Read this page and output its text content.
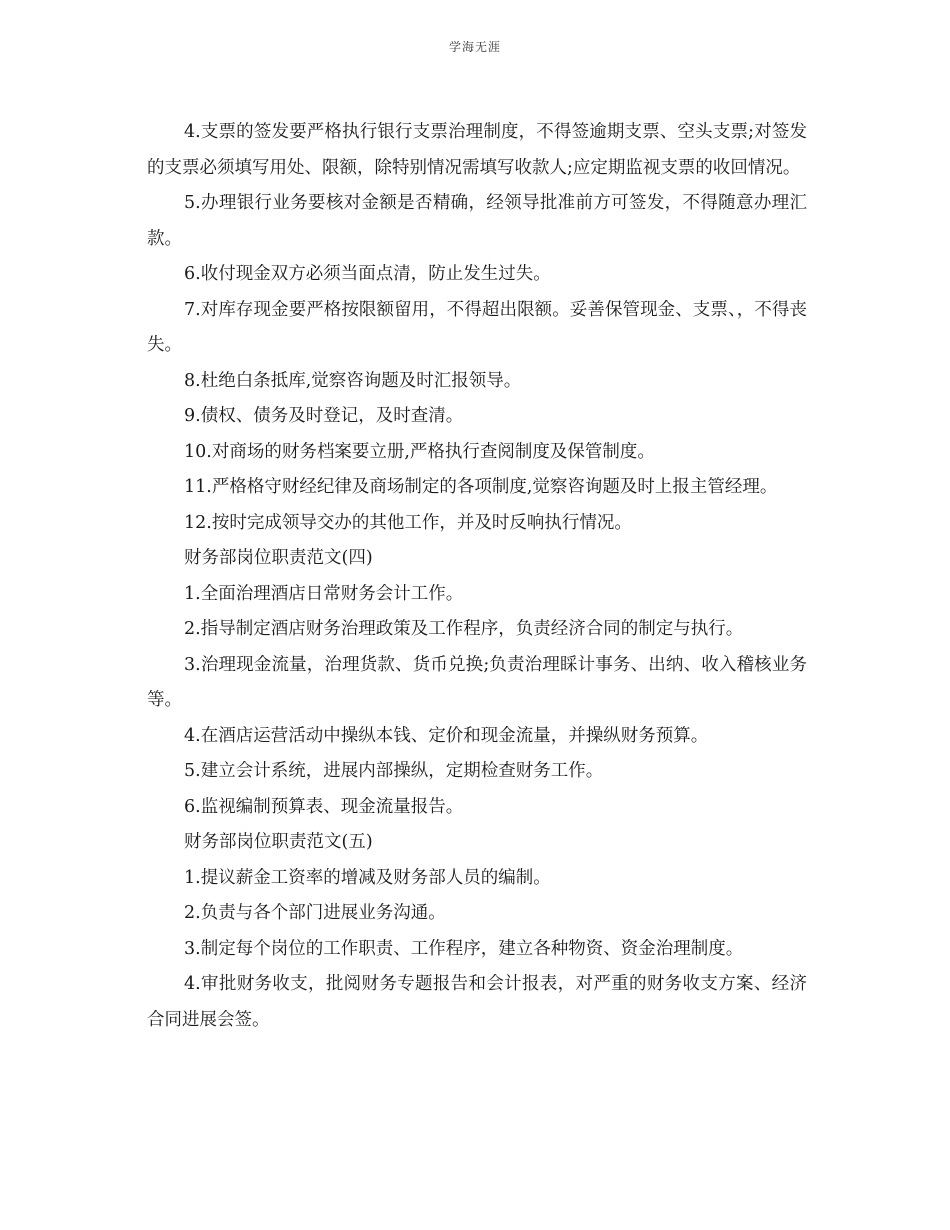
学海无涯

4.支票的签发要严格执行银行支票治理制度，不得签逾期支票、空头支票;对签发的支票必须填写用处、限额，除特别情况需填写收款人;应定期监视支票的收回情况。

5.办理银行业务要核对金额是否精确，经领导批准前方可签发，不得随意办理汇款。

6.收付现金双方必须当面点清，防止发生过失。

7.对库存现金要严格按限额留用，不得超出限额。妥善保管现金、支票、，不得丧失。

8.杜绝白条抵库,觉察咨询题及时汇报领导。

9.债权、债务及时登记，及时查清。

10.对商场的财务档案要立册,严格执行查阅制度及保管制度。

11.严格格守财经纪律及商场制定的各项制度,觉察咨询题及时上报主管经理。

12.按时完成领导交办的其他工作，并及时反响执行情况。

财务部岗位职责范文(四)

1.全面治理酒店日常财务会计工作。

2.指导制定酒店财务治理政策及工作程序，负责经济合同的制定与执行。

3.治理现金流量，治理货款、货币兑换;负责治理睬计事务、出纳、收入稽核业务等。

4.在酒店运营活动中操纵本钱、定价和现金流量，并操纵财务预算。

5.建立会计系统，进展内部操纵，定期检查财务工作。

6.监视编制预算表、现金流量报告。

财务部岗位职责范文(五)

1.提议薪金工资率的增减及财务部人员的编制。

2.负责与各个部门进展业务沟通。

3.制定每个岗位的工作职责、工作程序，建立各种物资、资金治理制度。

4.审批财务收支，批阅财务专题报告和会计报表，对严重的财务收支方案、经济合同进展会签。
